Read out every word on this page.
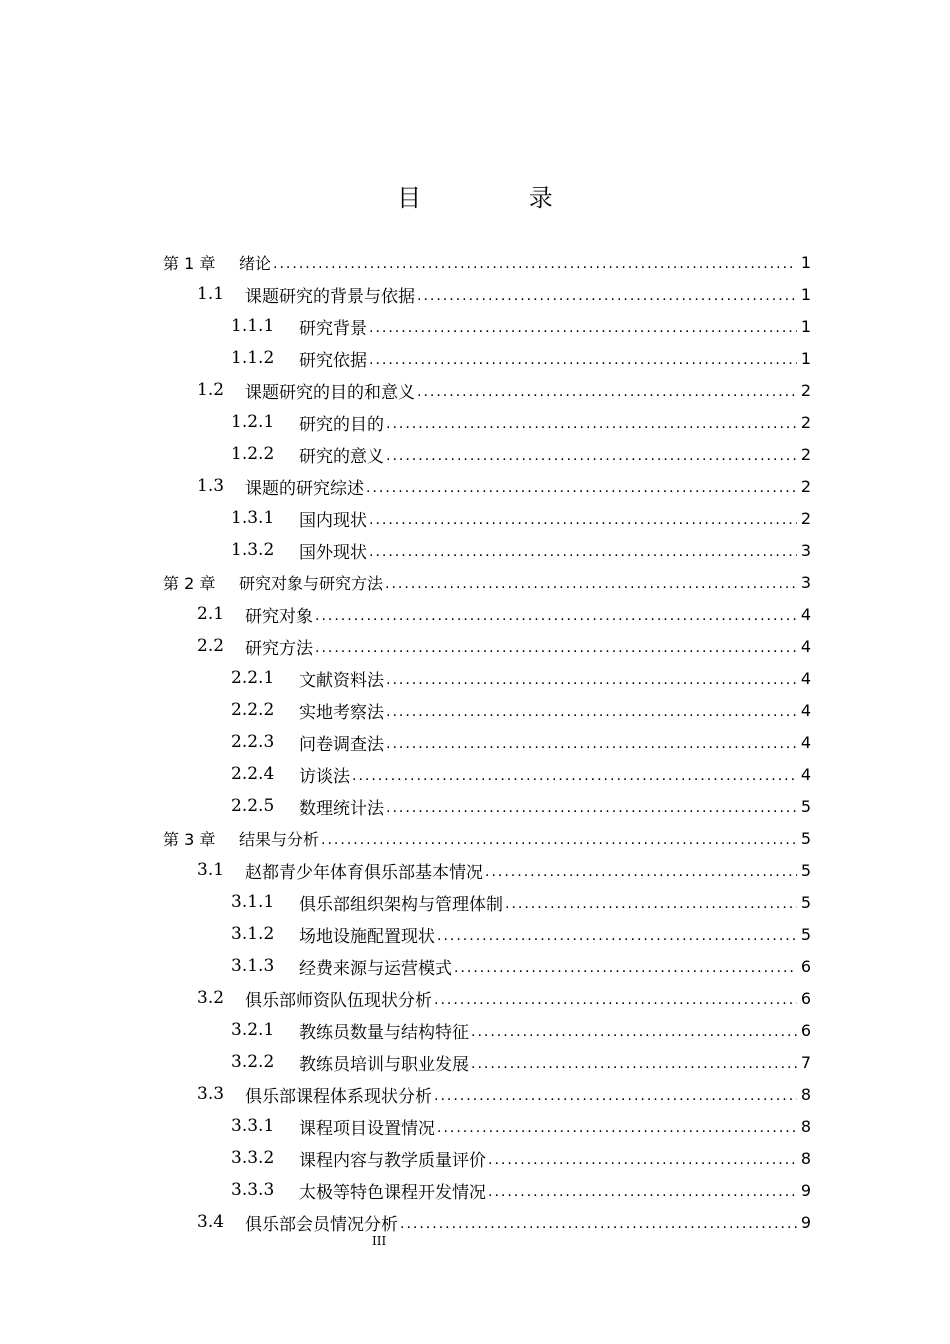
目 录
第 1 章	绪论 .....	1
1.1	课题研究的背景与依据 .....	1
1.1.1	研究背景 .....	1
1.1.2	研究依据 .....	1
1.2	课题研究的目的和意义 .....	2
1.2.1	研究的目的 .....	2
1.2.2	研究的意义 .....	2
1.3	课题的研究综述 .....	2
1.3.1	国内现状 .....	2
1.3.2	国外现状 .....	3
第 2 章	研究对象与研究方法 .....	3
2.1	研究对象 .....	4
2.2	研究方法 .....	4
2.2.1	文献资料法 .....	4
2.2.2	实地考察法 .....	4
2.2.3	问卷调查法 .....	4
2.2.4	访谈法 .....	4
2.2.5	数理统计法 .....	5
第 3 章	结果与分析 .....	5
3.1	赵都青少年体育俱乐部基本情况 .....	5
3.1.1	俱乐部组织架构与管理体制 .....	5
3.1.2	场地设施配置现状 .....	5
3.1.3	经费来源与运营模式 .....	6
3.2	俱乐部师资队伍现状分析 .....	6
3.2.1	教练员数量与结构特征 .....	6
3.2.2	教练员培训与职业发展 .....	7
3.3	俱乐部课程体系现状分析 .....	8
3.3.1	课程项目设置情况 .....	8
3.3.2	课程内容与教学质量评价 .....	8
3.3.3	太极等特色课程开发情况 .....	9
3.4	俱乐部会员情况分析 .....	9
III
